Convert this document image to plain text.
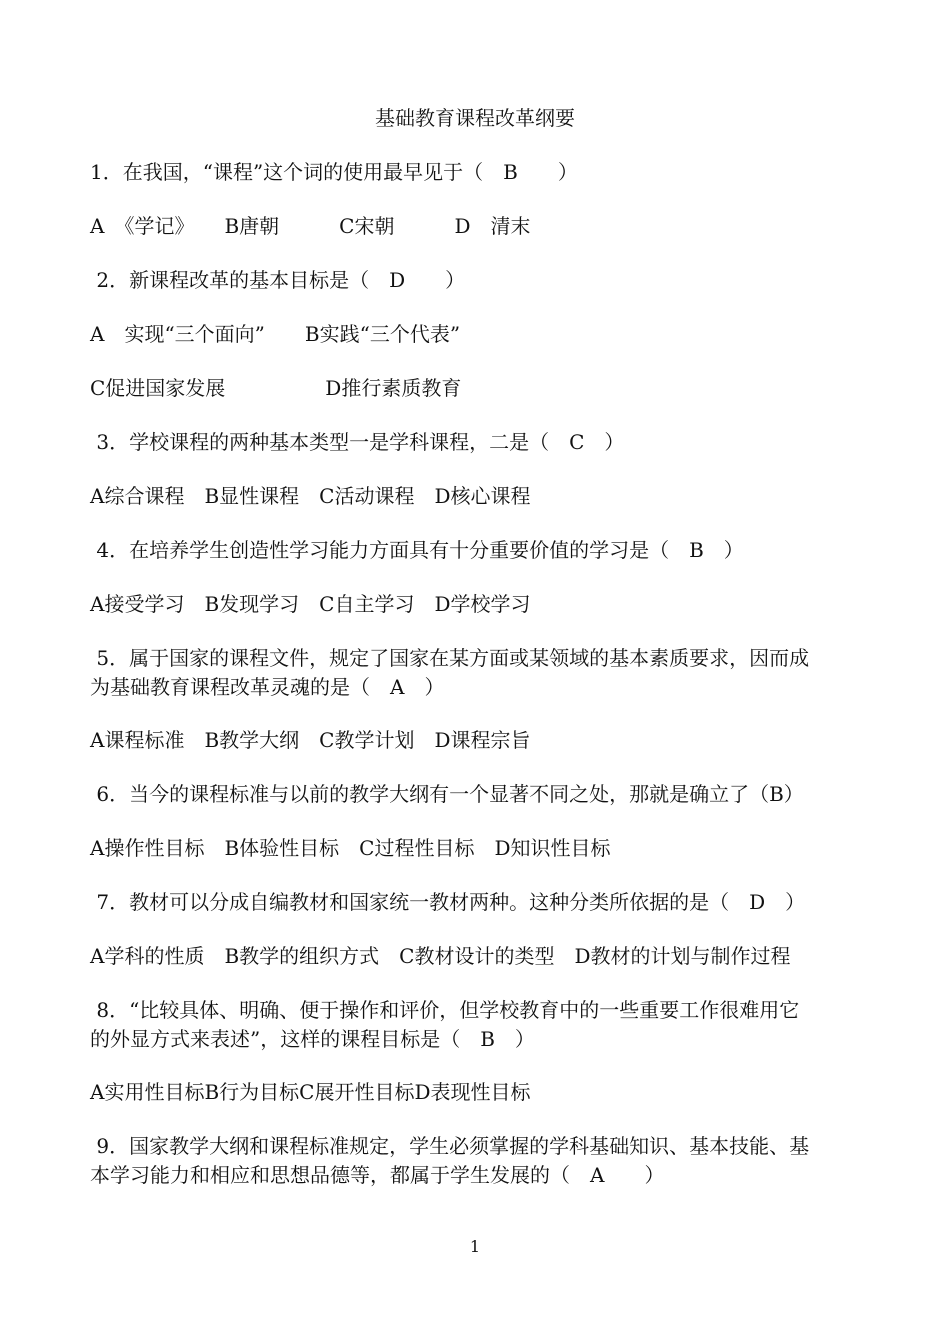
基础教育课程改革纲要
1．在我国，“课程”这个词的使用最早见于（　B　　）
A　《学记》　　B唐朝　　　C宋朝　　　D　清末
2．新课程改革的基本目标是（　D　　）
A　实现“三个面向”　　B实践“三个代表”
C促进国家发展　　　　　D推行素质教育
3．学校课程的两种基本类型一是学科课程，二是（　C　）
A综合课程　B显性课程　C活动课程　D核心课程
4．在培养学生创造性学习能力方面具有十分重要价值的学习是（　B　）
A接受学习　B发现学习　C自主学习　D学校学习
5．属于国家的课程文件，规定了国家在某方面或某领域的基本素质要求，因而成
为基础教育课程改革灵魂的是（　A　）
A课程标准　B教学大纲　C教学计划　D课程宗旨
6．当今的课程标准与以前的教学大纲有一个显著不同之处，那就是确立了（B）
A操作性目标　B体验性目标　C过程性目标　D知识性目标
7．教材可以分成自编教材和国家统一教材两种。这种分类所依据的是（　D　）
A学科的性质　B教学的组织方式　C教材设计的类型　D教材的计划与制作过程
8．“比较具体、明确、便于操作和评价，但学校教育中的一些重要工作很难用它
的外显方式来表述”，这样的课程目标是（　B　）
A实用性目标B行为目标C展开性目标D表现性目标
9．国家教学大纲和课程标准规定，学生必须掌握的学科基础知识、基本技能、基
本学习能力和相应和思想品德等，都属于学生发展的（　A　　）
1
